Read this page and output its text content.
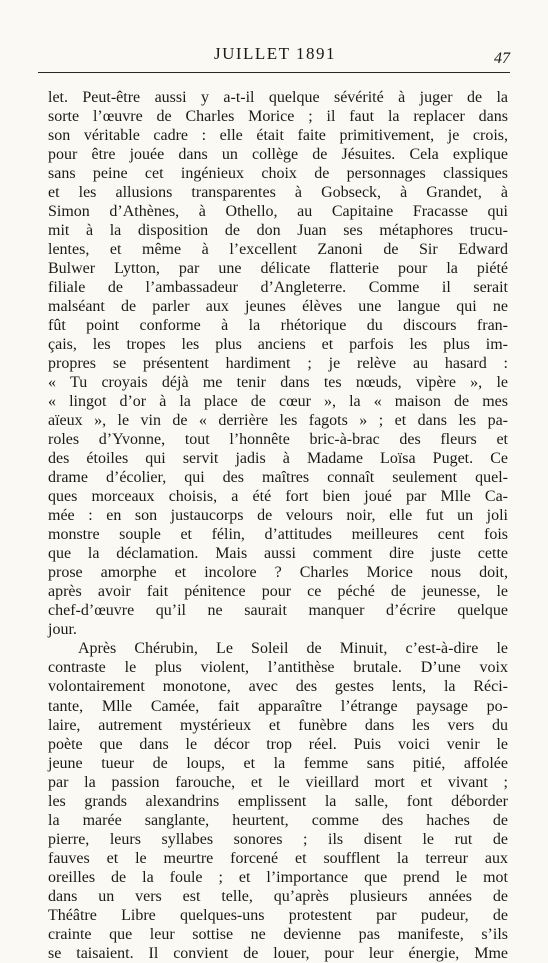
JUILLET 1891	47
let. Peut-être aussi y a-t-il quelque sévérité à juger de la
sorte l’œuvre de Charles Morice ; il faut la replacer dans
son véritable cadre : elle était faite primitivement, je crois,
pour être jouée dans un collège de Jésuites. Cela explique
sans peine cet ingénieux choix de personnages classiques
et les allusions transparentes à Gobseck, à Grandet, à
Simon d’Athènes, à Othello, au Capitaine Fracasse qui
mit à la disposition de don Juan ses métaphores trucu-
lentes, et même à l’excellent Zanoni de Sir Edward
Bulwer Lytton, par une délicate flatterie pour la piété
filiale de l’ambassadeur d’Angleterre. Comme il serait
malséant de parler aux jeunes élèves une langue qui ne
fût point conforme à la rhétorique du discours fran-
çais, les tropes les plus anciens et parfois les plus im-
propres se présentent hardiment ; je relève au hasard :
« Tu croyais déjà me tenir dans tes nœuds, vipère », le
« lingot d’or à la place de cœur », la « maison de mes
aïeux », le vin de « derrière les fagots » ; et dans les pa-
roles d’Yvonne, tout l’honnête bric-à-brac des fleurs et
des étoiles qui servit jadis à Madame Loïsa Puget. Ce
drame d’écolier, qui des maîtres connaît seulement quel-
ques morceaux choisis, a été fort bien joué par Mlle Ca-
mée : en son justaucorps de velours noir, elle fut un joli
monstre souple et félin, d’attitudes meilleures cent fois
que la déclamation. Mais aussi comment dire juste cette
prose amorphe et incolore ? Charles Morice nous doit,
après avoir fait pénitence pour ce péché de jeunesse, le
chef-d’œuvre qu’il ne saurait manquer d’écrire quelque
jour.
Après Chérubin, Le Soleil de Minuit, c’est-à-dire le
contraste le plus violent, l’antithèse brutale. D’une voix
volontairement monotone, avec des gestes lents, la Réci-
tante, Mlle Camée, fait apparaître l’étrange paysage po-
laire, autrement mystérieux et funèbre dans les vers du
poète que dans le décor trop réel. Puis voici venir le
jeune tueur de loups, et la femme sans pitié, affolée
par la passion farouche, et le vieillard mort et vivant ;
les grands alexandrins emplissent la salle, font déborder
la marée sanglante, heurtent, comme des haches de
pierre, leurs syllabes sonores ; ils disent le rut de
fauves et le meurtre forcené et soufflent la terreur aux
oreilles de la foule ; et l’importance que prend le mot
dans un vers est telle, qu’après plusieurs années de
Théâtre Libre quelques-uns protestent par pudeur, de
crainte que leur sottise ne devienne pas manifeste, s’ils
se taisaient. Il convient de louer, pour leur énergie, Mme
